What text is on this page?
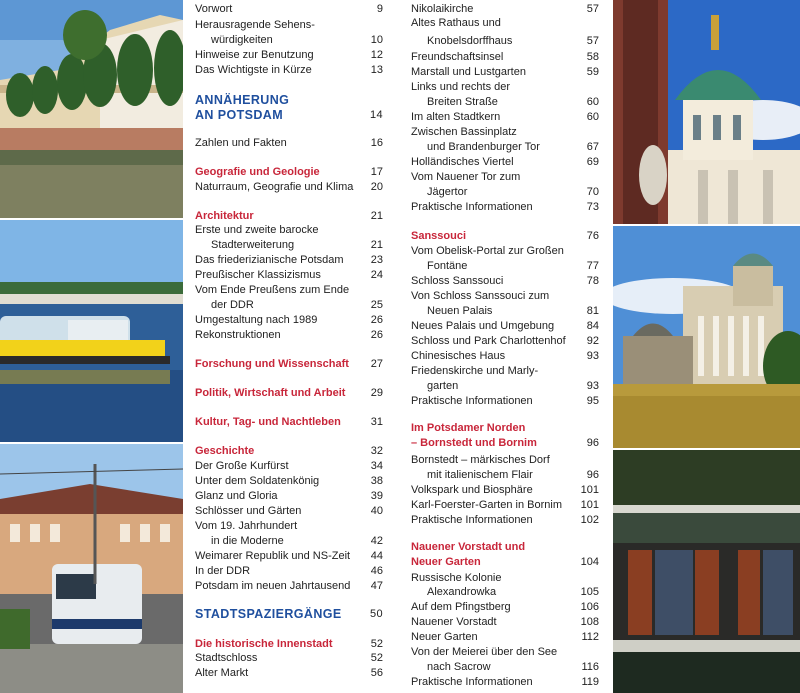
Vorwort	9
Herausragende Sehens-
würdigkeiten	10
Hinweise zur Benutzung	12
Das Wichtigste in Kürze	13
ANNÄHERUNG
AN POTSDAM	14
Zahlen und Fakten	16
Geografie und Geologie	17
Naturraum, Geografie und Klima 20
Architektur	21
Erste und zweite barocke
Stadterweiterung	21
Das friederizianische Potsdam 23
Preußischer Klassizismus	24
Vom Ende Preußens zum Ende
der DDR	25
Umgestaltung nach 1989	26
Rekonstruktionen	26
Forschung und Wissenschaft 27
Politik, Wirtschaft und Arbeit 29
Kultur, Tag- und Nachtleben	31
Geschichte	32
Der Große Kurfürst	34
Unter dem Soldatenkönig	38
Glanz und Gloria	39
Schlösser und Gärten	40
Vom 19. Jahrhundert
in die Moderne	42
Weimarer Republik und NS-Zeit 44
In der DDR	46
Potsdam im neuen Jahrtausend 47
STADTSPAZIERGÄNGE	50
Die historische Innenstadt	52
Stadtschloss	52
Alter Markt	56
Nikolaikirche	57
Altes Rathaus und
Knobelsdorffhaus	57
Freundschaftsinsel	58
Marstall und Lustgarten	59
Links und rechts der
Breiten Straße	60
Im alten Stadtkern	60
Zwischen Bassinplatz
und Brandenburger Tor	67
Holländisches Viertel	69
Vom Nauener Tor zum
Jägertor	70
Praktische Informationen	73
Sanssouci	76
Vom Obelisk-Portal zur Großen
Fontäne	77
Schloss Sanssouci	78
Von Schloss Sanssouci zum
Neuen Palais	81
Neues Palais und Umgebung	84
Schloss und Park Charlottenhof 92
Chinesisches Haus	93
Friedenskirche und Marly-
garten	93
Praktische Informationen	95
Im Potsdamer Norden
– Bornstedt und Bornim	96
Bornstedt – märkisches Dorf
mit italienischem Flair	96
Volkspark und Biosphäre	101
Karl-Foerster-Garten in Bornim 101
Praktische Informationen	102
Nauener Vorstadt und
Neuer Garten	104
Russische Kolonie
Alexandrowka	105
Auf dem Pfingstberg	106
Nauener Vorstadt	108
Neuer Garten	112
Von der Meierei über den See
nach Sacrow	116
Praktische Informationen	119
